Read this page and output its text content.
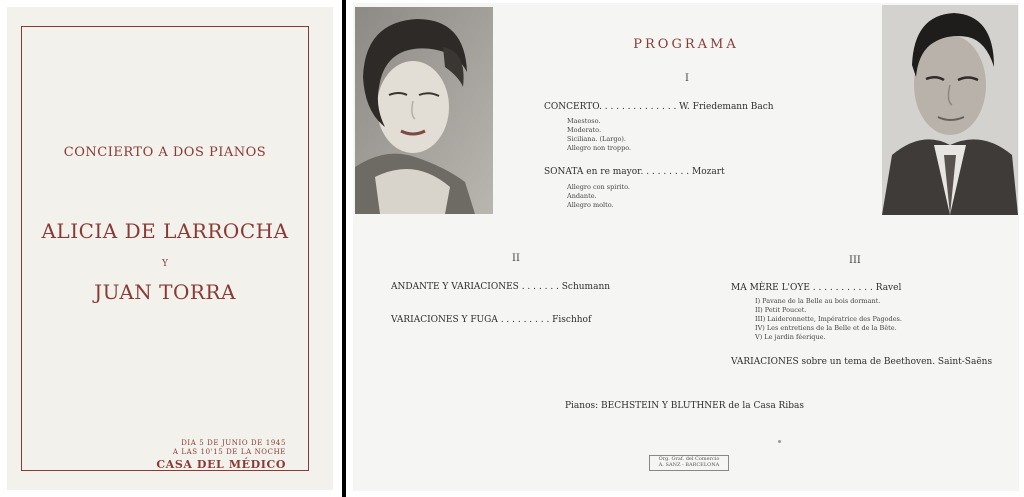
CONCIERTO A DOS PIANOS
ALICIA DE LARROCHA
Y
JUAN TORRA
DIA 5 DE JUNIO DE 1945
A LAS 10'15 DE LA NOCHE
CASA DEL MÉDICO
PROGRAMA
I
CONCERTO. . . . . . . . . . . . . . W. Friedemann Bach
Maestoso.
Moderato.
Siciliana. (Largo).
Allegro non troppo.
SONATA en re mayor. . . . . . . . . Mozart
Allegro con spirito.
Andante.
Allegro molto.
II
ANDANTE Y VARIACIONES . . . . . . . Schumann
VARIACIONES Y FUGA . . . . . . . . . Fischhof
III
MA MÈRE L'OYE . . . . . . . . . . . Ravel
I) Pavane de la Belle au bois dormant.
II) Petit Poucet.
III) Laideronnette, Impératrice des Pagodes.
IV) Les entretiens de la Belle et de la Bête.
V) Le jardin féerique.
VARIACIONES sobre un tema de Beethoven. Saint-Saëns
Pianos: BECHSTEIN Y BLUTHNER de la Casa Ribas
Org. Graf. del Comercio
A. SANZ - BARCELONA
